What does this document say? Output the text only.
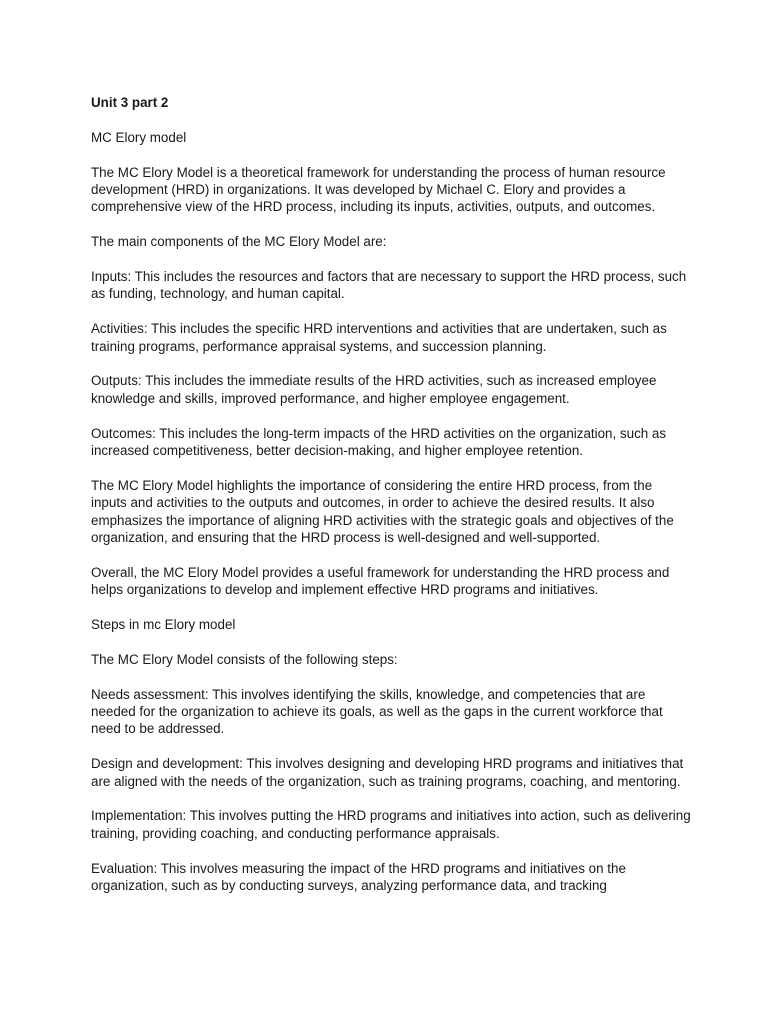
Unit 3 part 2

MC Elory model

The MC Elory Model is a theoretical framework for understanding the process of human resource development (HRD) in organizations. It was developed by Michael C. Elory and provides a comprehensive view of the HRD process, including its inputs, activities, outputs, and outcomes.

The main components of the MC Elory Model are:

Inputs: This includes the resources and factors that are necessary to support the HRD process, such as funding, technology, and human capital.

Activities: This includes the specific HRD interventions and activities that are undertaken, such as training programs, performance appraisal systems, and succession planning.

Outputs: This includes the immediate results of the HRD activities, such as increased employee knowledge and skills, improved performance, and higher employee engagement.

Outcomes: This includes the long-term impacts of the HRD activities on the organization, such as increased competitiveness, better decision-making, and higher employee retention.

The MC Elory Model highlights the importance of considering the entire HRD process, from the inputs and activities to the outputs and outcomes, in order to achieve the desired results. It also emphasizes the importance of aligning HRD activities with the strategic goals and objectives of the organization, and ensuring that the HRD process is well-designed and well-supported.

Overall, the MC Elory Model provides a useful framework for understanding the HRD process and helps organizations to develop and implement effective HRD programs and initiatives.

Steps in mc Elory model

The MC Elory Model consists of the following steps:

Needs assessment: This involves identifying the skills, knowledge, and competencies that are needed for the organization to achieve its goals, as well as the gaps in the current workforce that need to be addressed.

Design and development: This involves designing and developing HRD programs and initiatives that are aligned with the needs of the organization, such as training programs, coaching, and mentoring.

Implementation: This involves putting the HRD programs and initiatives into action, such as delivering training, providing coaching, and conducting performance appraisals.

Evaluation: This involves measuring the impact of the HRD programs and initiatives on the organization, such as by conducting surveys, analyzing performance data, and tracking
